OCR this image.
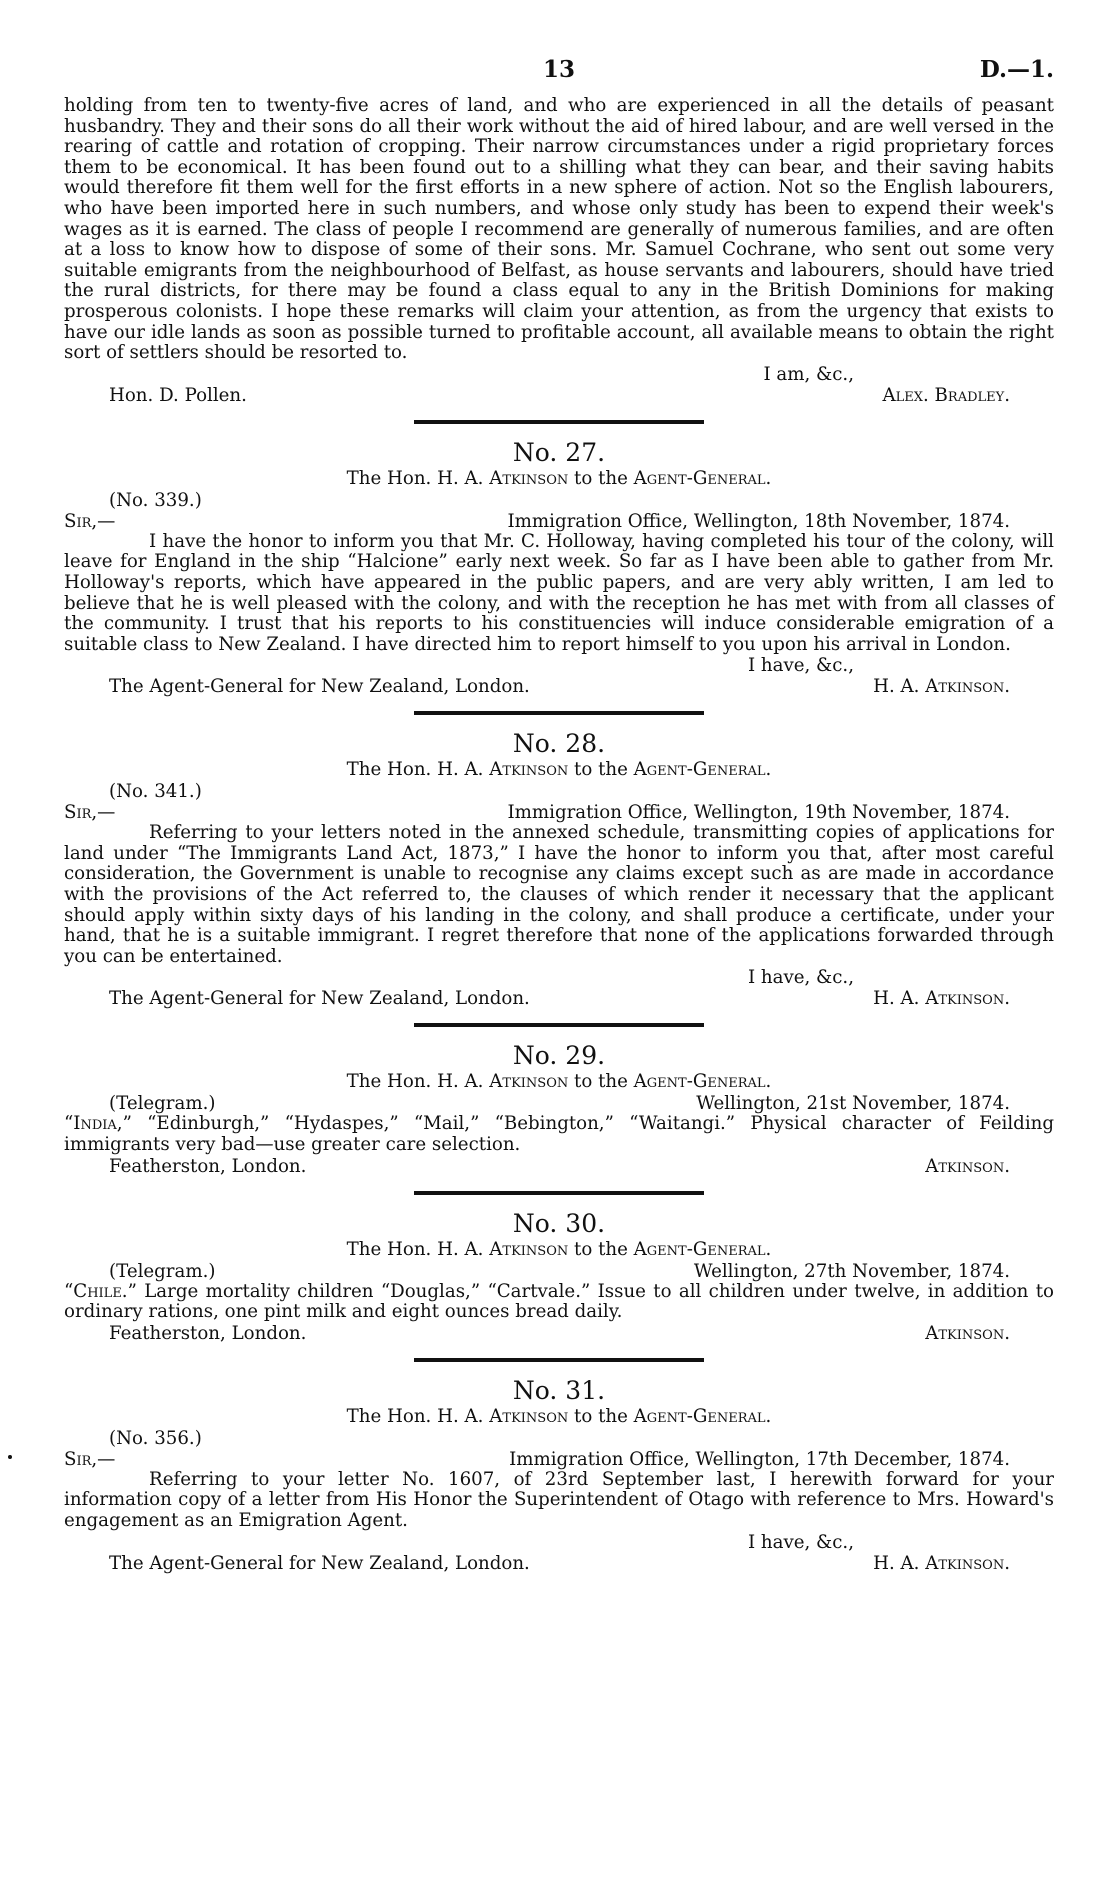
13	D.—1.

holding from ten to twenty-five acres of land, and who are experienced in all the details of peasant husbandry. They and their sons do all their work without the aid of hired labour, and are well versed in the rearing of cattle and rotation of cropping. Their narrow circumstances under a rigid proprietary forces them to be economical. It has been found out to a shilling what they can bear, and their saving habits would therefore fit them well for the first efforts in a new sphere of action. Not so the English labourers, who have been imported here in such numbers, and whose only study has been to expend their week's wages as it is earned. The class of people I recommend are generally of numerous families, and are often at a loss to know how to dispose of some of their sons. Mr. Samuel Cochrane, who sent out some very suitable emigrants from the neighbourhood of Belfast, as house servants and labourers, should have tried the rural districts, for there may be found a class equal to any in the British Dominions for making prosperous colonists. I hope these remarks will claim your attention, as from the urgency that exists to have our idle lands as soon as possible turned to profitable account, all available means to obtain the right sort of settlers should be resorted to.

I am, &c.,
Hon. D. Pollen.	Alex. Bradley.
No. 27.
The Hon. H. A. Atkinson to the Agent-General.
(No. 339.)
Sir,—	Immigration Office, Wellington, 18th November, 1874.

I have the honor to inform you that Mr. C. Holloway, having completed his tour of the colony, will leave for England in the ship “Halcione” early next week. So far as I have been able to gather from Mr. Holloway's reports, which have appeared in the public papers, and are very ably written, I am led to believe that he is well pleased with the colony, and with the reception he has met with from all classes of the community. I trust that his reports to his constituencies will induce considerable emigration of a suitable class to New Zealand. I have directed him to report himself to you upon his arrival in London.

I have, &c.,
The Agent-General for New Zealand, London.	H. A. Atkinson.
No. 28.
The Hon. H. A. Atkinson to the Agent-General.
(No. 341.)
Sir,—	Immigration Office, Wellington, 19th November, 1874.

Referring to your letters noted in the annexed schedule, transmitting copies of applications for land under “The Immigrants Land Act, 1873,” I have the honor to inform you that, after most careful consideration, the Government is unable to recognise any claims except such as are made in accordance with the provisions of the Act referred to, the clauses of which render it necessary that the applicant should apply within sixty days of his landing in the colony, and shall produce a certificate, under your hand, that he is a suitable immigrant. I regret therefore that none of the applications forwarded through you can be entertained.

I have, &c.,
The Agent-General for New Zealand, London.	H. A. Atkinson.
No. 29.
The Hon. H. A. Atkinson to the Agent-General.
(Telegram.)	Wellington, 21st November, 1874.

“India,” “Edinburgh,” “Hydaspes,” “Mail,” “Bebington,” “Waitangi.” Physical character of Feilding immigrants very bad—use greater care selection.

Featherston, London.	Atkinson.
No. 30.
The Hon. H. A. Atkinson to the Agent-General.
(Telegram.)	Wellington, 27th November, 1874.

“Chile.” Large mortality children “Douglas,” “Cartvale.” Issue to all children under twelve, in addition to ordinary rations, one pint milk and eight ounces bread daily.

Featherston, London.	Atkinson.
No. 31.
The Hon. H. A. Atkinson to the Agent-General.
(No. 356.)
Sir,—	Immigration Office, Wellington, 17th December, 1874.

Referring to your letter No. 1607, of 23rd September last, I herewith forward for your information copy of a letter from His Honor the Superintendent of Otago with reference to Mrs. Howard's engagement as an Emigration Agent.

I have, &c.,
The Agent-General for New Zealand, London.	H. A. Atkinson.
